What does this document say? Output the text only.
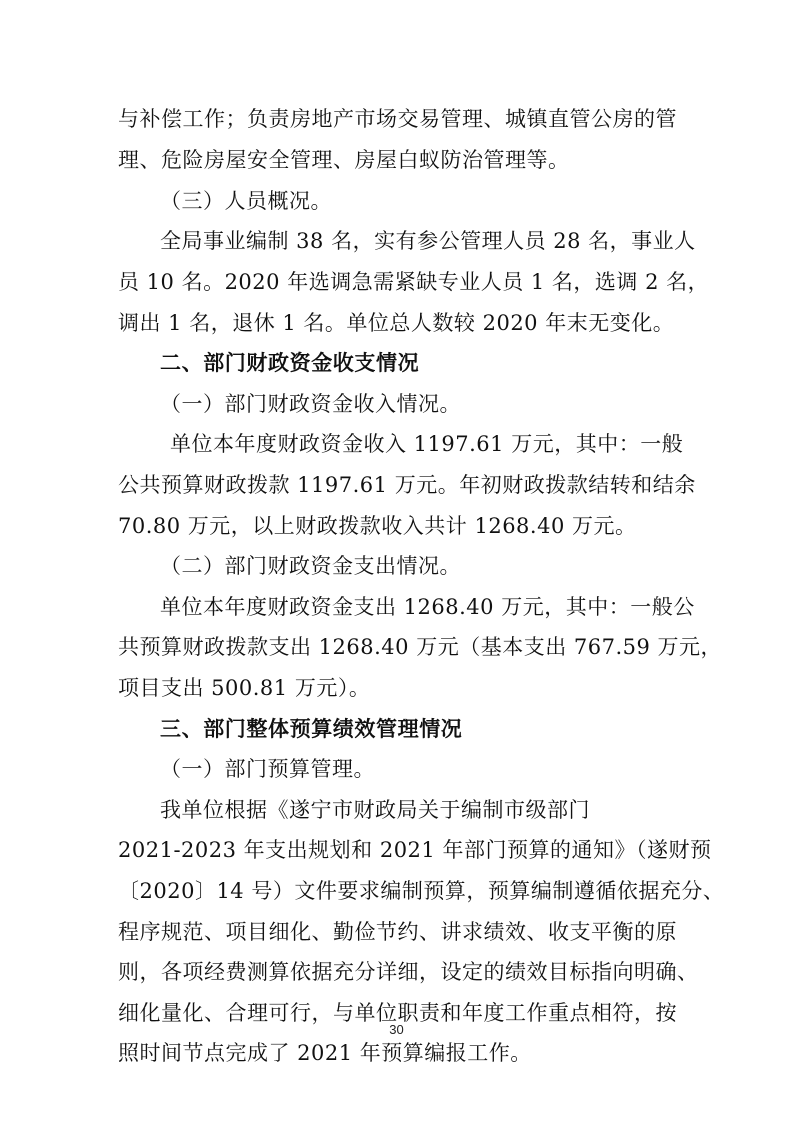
与补偿工作；负责房地产市场交易管理、城镇直管公房的管
理、危险房屋安全管理、房屋白蚁防治管理等。
（三）人员概况。
全局事业编制 38 名，实有参公管理人员 28 名，事业人
员 10 名。2020 年选调急需紧缺专业人员 1 名，选调 2 名，
调出 1 名，退休 1 名。单位总人数较 2020 年末无变化。
二、部门财政资金收支情况
（一）部门财政资金收入情况。
单位本年度财政资金收入 1197.61 万元，其中：一般
公共预算财政拨款 1197.61 万元。年初财政拨款结转和结余
70.80 万元，以上财政拨款收入共计 1268.40 万元。
（二）部门财政资金支出情况。
单位本年度财政资金支出 1268.40 万元，其中：一般公
共预算财政拨款支出 1268.40 万元（基本支出 767.59 万元，
项目支出 500.81 万元）。
三、部门整体预算绩效管理情况
（一）部门预算管理。
我单位根据《遂宁市财政局关于编制市级部门
2021-2023 年支出规划和 2021 年部门预算的通知》（遂财预
〔2020〕14 号）文件要求编制预算，预算编制遵循依据充分、
程序规范、项目细化、勤俭节约、讲求绩效、收支平衡的原
则，各项经费测算依据充分详细，设定的绩效目标指向明确、
细化量化、合理可行，与单位职责和年度工作重点相符，按
照时间节点完成了 2021 年预算编报工作。
30
